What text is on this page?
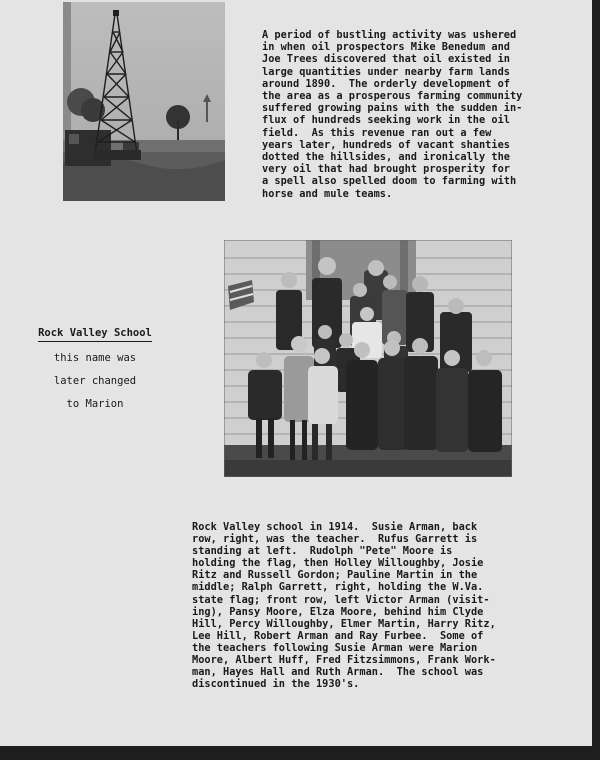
A period of bustling activity was ushered
in when oil prospectors Mike Benedum and
Joe Trees discovered that oil existed in
large quantities under nearby farm lands
around 1890.  The orderly development of
the area as a prosperous farming community
suffered growing pains with the sudden in-
flux of hundreds seeking work in the oil
field.  As this revenue ran out a few
years later, hundreds of vacant shanties
dotted the hillsides, and ironically the
very oil that had brought prosperity for
a spell also spelled doom to farming with
horse and mule teams.
Rock Valley School
this name was
later changed
to Marion
Rock Valley school in 1914.  Susie Arman, back
row, right, was the teacher.  Rufus Garrett is
standing at left.  Rudolph "Pete" Moore is
holding the flag, then Holley Willoughby, Josie
Ritz and Russell Gordon; Pauline Martin in the
middle; Ralph Garrett, right, holding the W.Va.
state flag; front row, left Victor Arman (visit-
ing), Pansy Moore, Elza Moore, behind him Clyde
Hill, Percy Willoughby, Elmer Martin, Harry Ritz,
Lee Hill, Robert Arman and Ray Furbee.  Some of
the teachers following Susie Arman were Marion
Moore, Albert Huff, Fred Fitzsimmons, Frank Work-
man, Hayes Hall and Ruth Arman.  The school was
discontinued in the 1930's.
